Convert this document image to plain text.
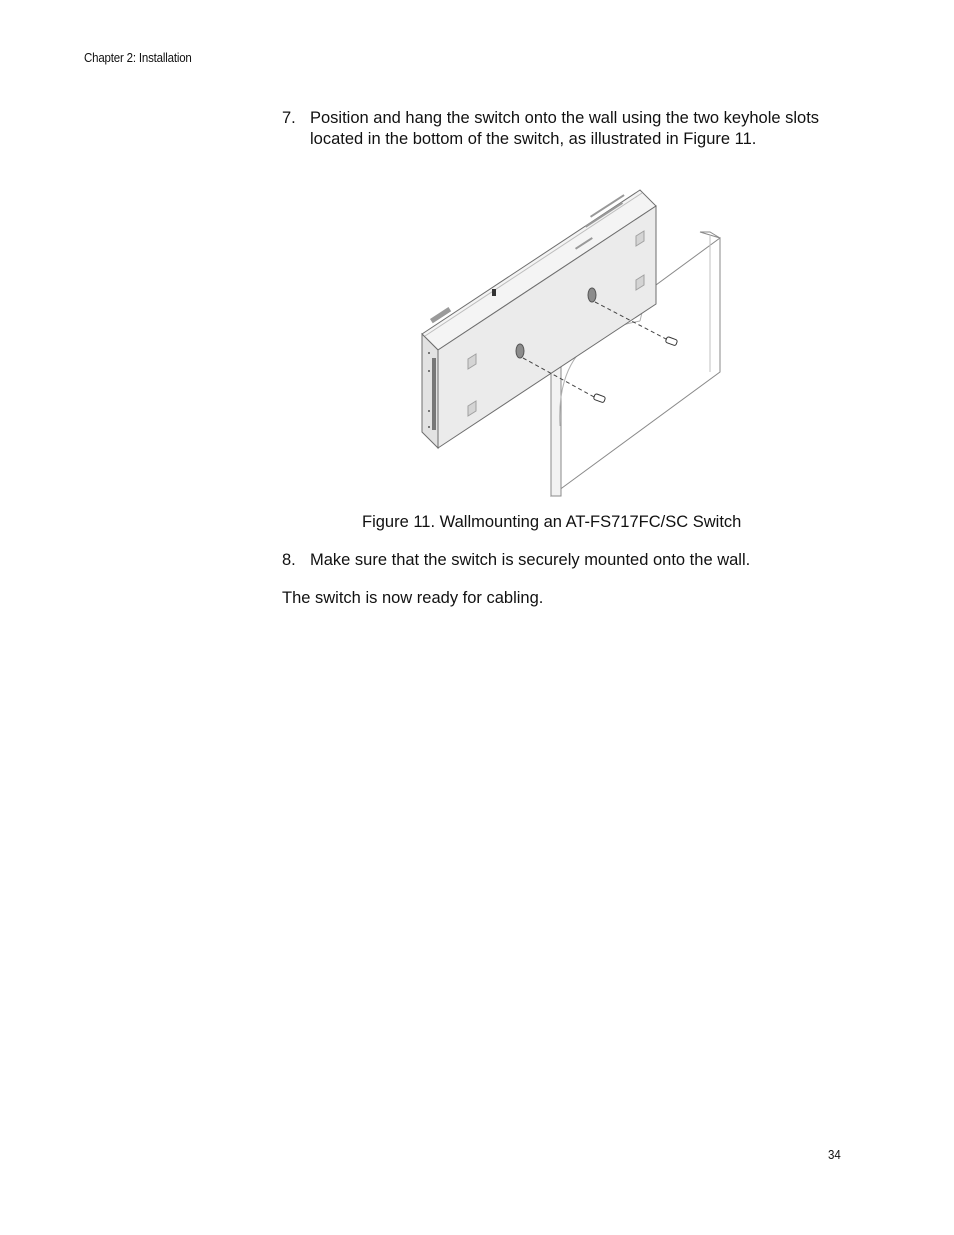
Chapter 2: Installation
7. Position and hang the switch onto the wall using the two keyhole slots located in the bottom of the switch, as illustrated in Figure 11.
Figure 11. Wallmounting an AT-FS717FC/SC Switch
8. Make sure that the switch is securely mounted onto the wall.
The switch is now ready for cabling.
34
